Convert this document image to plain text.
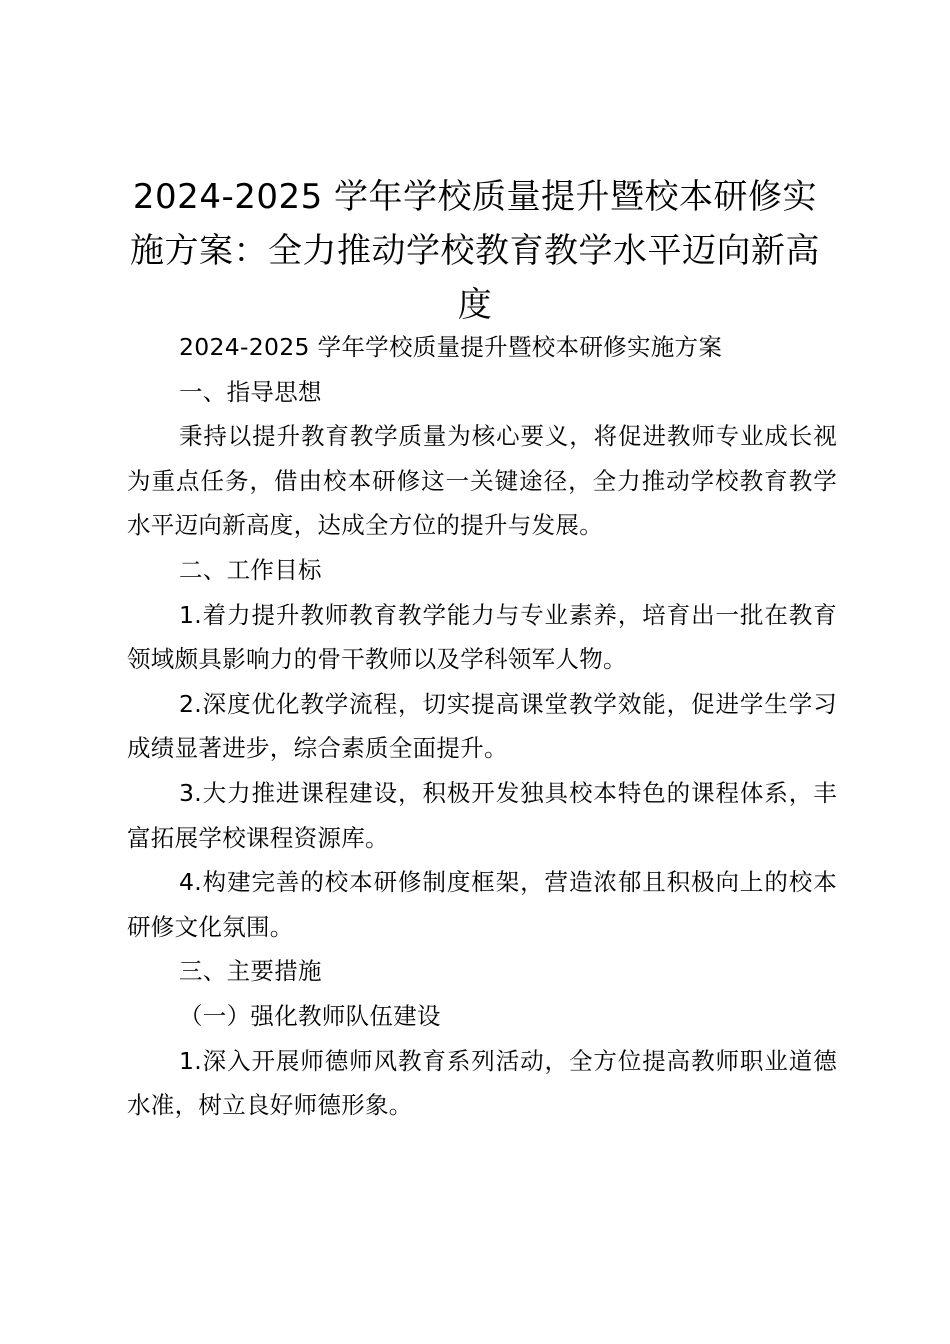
2024-2025 学年学校质量提升暨校本研修实施方案：全力推动学校教育教学水平迈向新高度

2024-2025 学年学校质量提升暨校本研修实施方案

一、指导思想

秉持以提升教育教学质量为核心要义，将促进教师专业成长视为重点任务，借由校本研修这一关键途径，全力推动学校教育教学水平迈向新高度，达成全方位的提升与发展。

二、工作目标

1.着力提升教师教育教学能力与专业素养，培育出一批在教育领域颇具影响力的骨干教师以及学科领军人物。

2.深度优化教学流程，切实提高课堂教学效能，促进学生学习成绩显著进步，综合素质全面提升。

3.大力推进课程建设，积极开发独具校本特色的课程体系，丰富拓展学校课程资源库。

4.构建完善的校本研修制度框架，营造浓郁且积极向上的校本研修文化氛围。

三、主要措施

（一）强化教师队伍建设

1.深入开展师德师风教育系列活动，全方位提高教师职业道德水准，树立良好师德形象。
